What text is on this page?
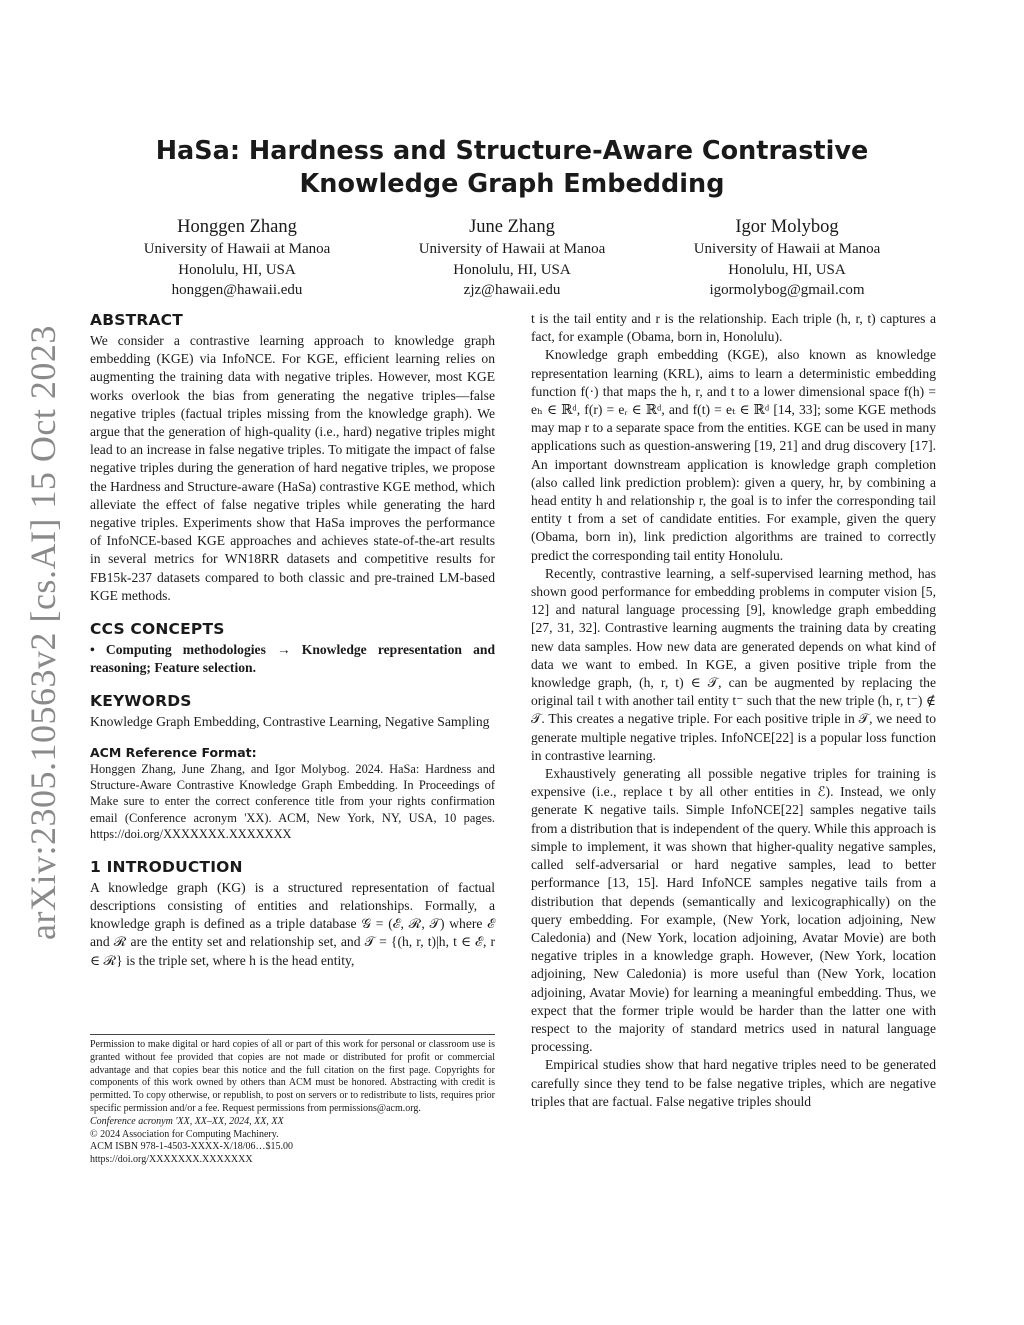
arXiv:2305.10563v2 [cs.AI] 15 Oct 2023
HaSa: Hardness and Structure-Aware Contrastive Knowledge Graph Embedding
Honggen Zhang
University of Hawaii at Manoa
Honolulu, HI, USA
honggen@hawaii.edu
June Zhang
University of Hawaii at Manoa
Honolulu, HI, USA
zjz@hawaii.edu
Igor Molybog
University of Hawaii at Manoa
Honolulu, HI, USA
igormolybog@gmail.com
ABSTRACT

We consider a contrastive learning approach to knowledge graph embedding (KGE) via InfoNCE. For KGE, efficient learning relies on augmenting the training data with negative triples. However, most KGE works overlook the bias from generating the negative triples—false negative triples (factual triples missing from the knowledge graph). We argue that the generation of high-quality (i.e., hard) negative triples might lead to an increase in false negative triples. To mitigate the impact of false negative triples during the generation of hard negative triples, we propose the Hardness and Structure-aware (HaSa) contrastive KGE method, which alleviate the effect of false negative triples while generating the hard negative triples. Experiments show that HaSa improves the performance of InfoNCE-based KGE approaches and achieves state-of-the-art results in several metrics for WN18RR datasets and competitive results for FB15k-237 datasets compared to both classic and pre-trained LM-based KGE methods.

CCS CONCEPTS

• Computing methodologies → Knowledge representation and reasoning; Feature selection.

KEYWORDS

Knowledge Graph Embedding, Contrastive Learning, Negative Sampling

ACM Reference Format:

Honggen Zhang, June Zhang, and Igor Molybog. 2024. HaSa: Hardness and Structure-Aware Contrastive Knowledge Graph Embedding. In Proceedings of Make sure to enter the correct conference title from your rights confirmation email (Conference acronym 'XX). ACM, New York, NY, USA, 10 pages. https://doi.org/XXXXXXX.XXXXXXX

1 INTRODUCTION

A knowledge graph (KG) is a structured representation of factual descriptions consisting of entities and relationships. Formally, a knowledge graph is defined as a triple database 𝒢 = (ℰ, ℛ, 𝒯) where ℰ and ℛ are the entity set and relationship set, and 𝒯 = {(h, r, t)|h, t ∈ ℰ, r ∈ ℛ} is the triple set, where h is the head entity,

t is the tail entity and r is the relationship. Each triple (h, r, t) captures a fact, for example (Obama, born in, Honolulu).

Knowledge graph embedding (KGE), also known as knowledge representation learning (KRL), aims to learn a deterministic embedding function f(·) that maps the h, r, and t to a lower dimensional space f(h) = eₕ ∈ ℝᵈ, f(r) = eᵣ ∈ ℝᵈ, and f(t) = eₜ ∈ ℝᵈ [14, 33]; some KGE methods may map r to a separate space from the entities. KGE can be used in many applications such as question-answering [19, 21] and drug discovery [17]. An important downstream application is knowledge graph completion (also called link prediction problem): given a query, hr, by combining a head entity h and relationship r, the goal is to infer the corresponding tail entity t from a set of candidate entities. For example, given the query (Obama, born in), link prediction algorithms are trained to correctly predict the corresponding tail entity Honolulu.

Recently, contrastive learning, a self-supervised learning method, has shown good performance for embedding problems in computer vision [5, 12] and natural language processing [9], knowledge graph embedding [27, 31, 32]. Contrastive learning augments the training data by creating new data samples. How new data are generated depends on what kind of data we want to embed. In KGE, a given positive triple from the knowledge graph, (h, r, t) ∈ 𝒯, can be augmented by replacing the original tail t with another tail entity t⁻ such that the new triple (h, r, t⁻) ∉ 𝒯. This creates a negative triple. For each positive triple in 𝒯, we need to generate multiple negative triples. InfoNCE[22] is a popular loss function in contrastive learning.

Exhaustively generating all possible negative triples for training is expensive (i.e., replace t by all other entities in ℰ). Instead, we only generate K negative tails. Simple InfoNCE[22] samples negative tails from a distribution that is independent of the query. While this approach is simple to implement, it was shown that higher-quality negative samples, called self-adversarial or hard negative samples, lead to better performance [13, 15]. Hard InfoNCE samples negative tails from a distribution that depends (semantically and lexicographically) on the query embedding. For example, (New York, location adjoining, New Caledonia) and (New York, location adjoining, Avatar Movie) are both negative triples in a knowledge graph. However, (New York, location adjoining, New Caledonia) is more useful than (New York, location adjoining, Avatar Movie) for learning a meaningful embedding. Thus, we expect that the former triple would be harder than the latter one with respect to the majority of standard metrics used in natural language processing.

Empirical studies show that hard negative triples need to be generated carefully since they tend to be false negative triples, which are negative triples that are factual. False negative triples should

Permission to make digital or hard copies of all or part of this work for personal or classroom use is granted without fee provided that copies are not made or distributed for profit or commercial advantage and that copies bear this notice and the full citation on the first page. Copyrights for components of this work owned by others than ACM must be honored. Abstracting with credit is permitted. To copy otherwise, or republish, to post on servers or to redistribute to lists, requires prior specific permission and/or a fee. Request permissions from permissions@acm.org.
Conference acronym 'XX, XX–XX, 2024, XX, XX
© 2024 Association for Computing Machinery.
ACM ISBN 978-1-4503-XXXX-X/18/06…$15.00
https://doi.org/XXXXXXX.XXXXXXX
